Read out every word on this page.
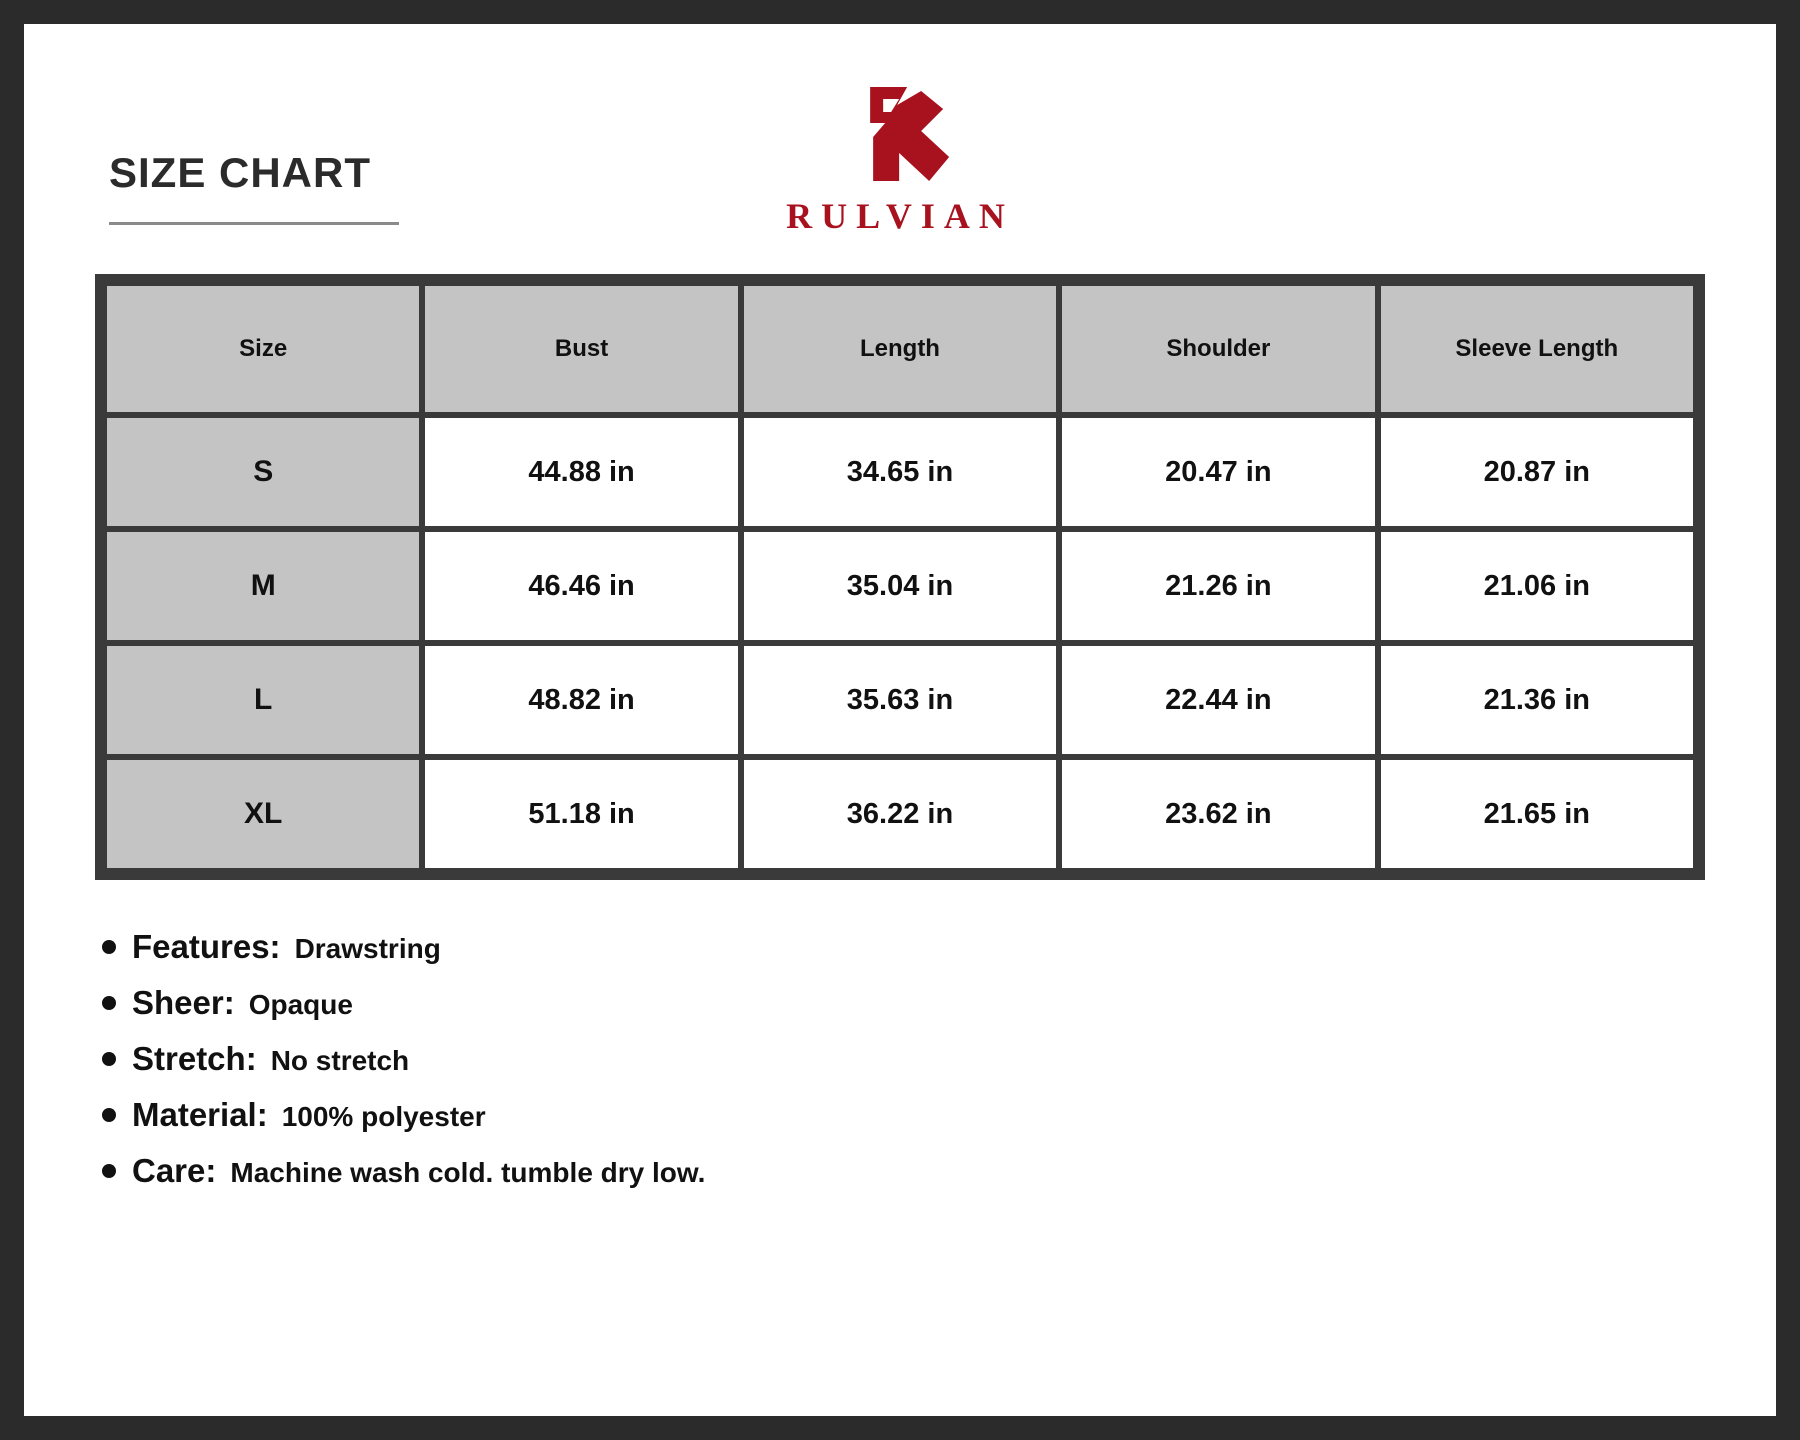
SIZE CHART
RULVIAN
Size	Bust	Length	Shoulder	Sleeve Length
S	44.88 in	34.65 in	20.47 in	20.87 in
M	46.46 in	35.04 in	21.26 in	21.06 in
L	48.82 in	35.63 in	22.44 in	21.36 in
XL	51.18 in	36.22 in	23.62 in	21.65 in
Features: Drawstring
Sheer: Opaque
Stretch: No stretch
Material: 100% polyester
Care: Machine wash cold. tumble dry low.
